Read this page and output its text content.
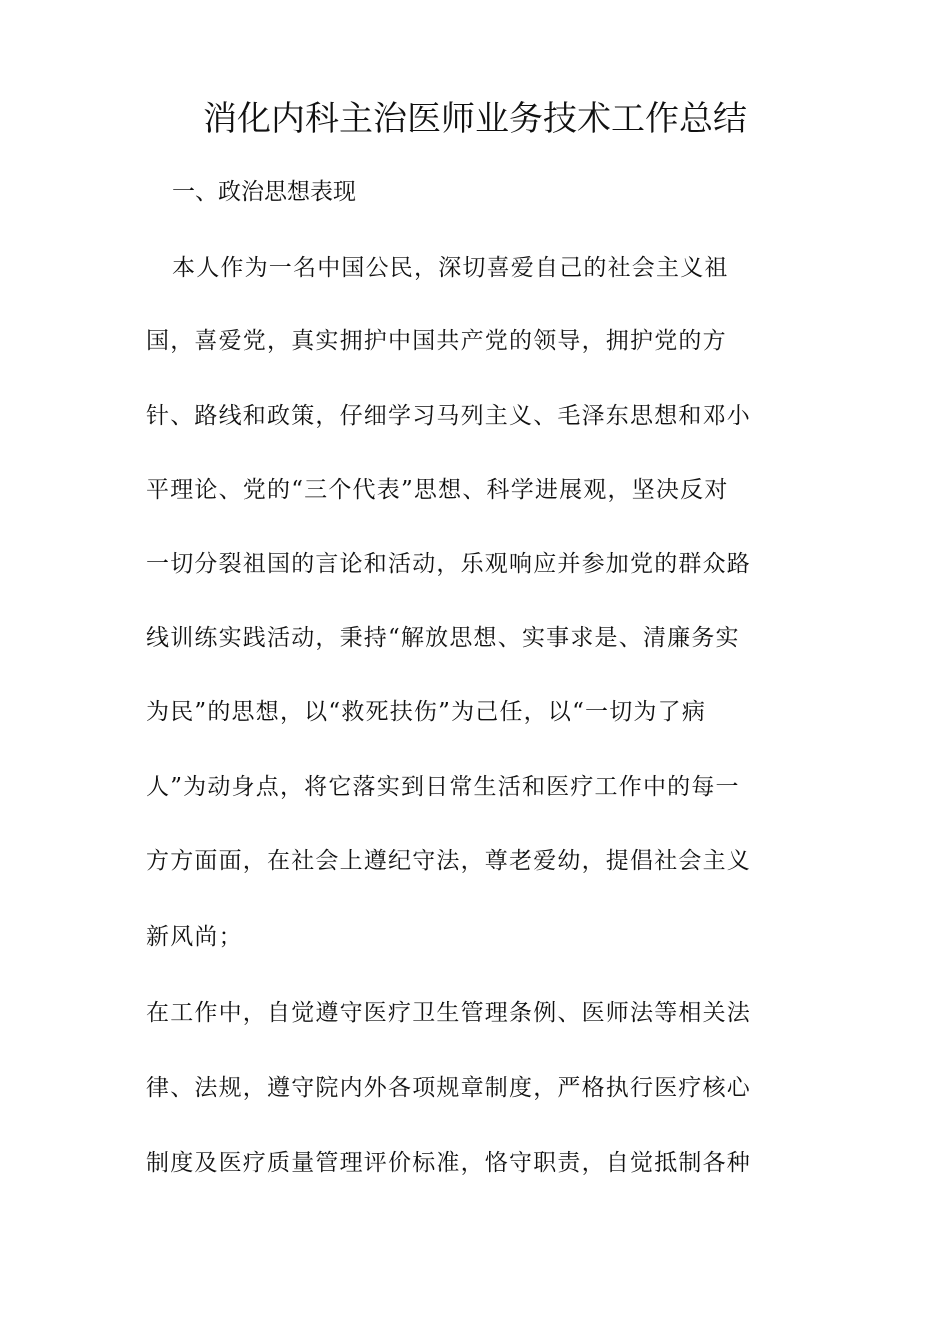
消化内科主治医师业务技术工作总结

一、政治思想表现

本人作为一名中国公民，深切喜爱自己的社会主义祖

国，喜爱党，真实拥护中国共产党的领导，拥护党的方

针、路线和政策，仔细学习马列主义、毛泽东思想和邓小

平理论、党的“三个代表”思想、科学进展观，坚决反对

一切分裂祖国的言论和活动，乐观响应并参加党的群众路

线训练实践活动，秉持“解放思想、实事求是、清廉务实

为民”的思想，以“救死扶伤”为己任，以“一切为了病

人”为动身点，将它落实到日常生活和医疗工作中的每一

方方面面，在社会上遵纪守法，尊老爱幼，提倡社会主义

新风尚；

在工作中，自觉遵守医疗卫生管理条例、医师法等相关法

律、法规，遵守院内外各项规章制度，严格执行医疗核心

制度及医疗质量管理评价标准，恪守职责，自觉抵制各种
